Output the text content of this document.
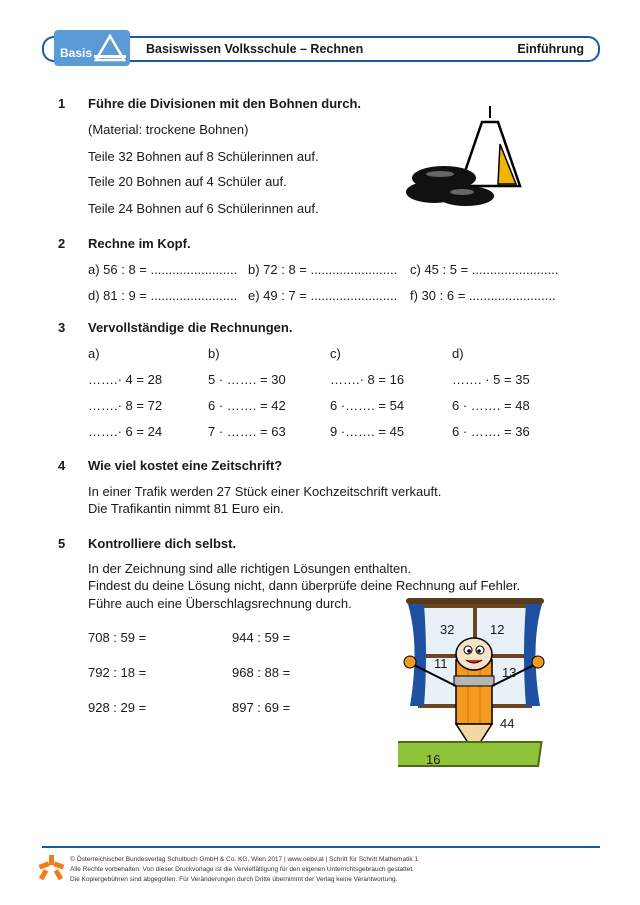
Basis	Basiswissen Volksschule – Rechnen	Einführung
1 Führe die Divisionen mit den Bohnen durch.
(Material: trockene Bohnen)
Teile 32 Bohnen auf 8 Schülerinnen auf.
Teile 20 Bohnen auf 4 Schüler auf.
Teile 24 Bohnen auf 6 Schülerinnen auf.
2 Rechne im Kopf.
a) 56 : 8 = ........................ b) 72 : 8 = ........................ c) 45 : 5 = ........................
d) 81 : 9 = ........................ e) 49 : 7 = ........................ f) 30 : 6 = ........................
3 Vervollständige die Rechnungen.
a)	b)	c)	d)
…….· 4 = 28	5 · ……. = 30	…….· 8 = 16	……. · 5 = 35
…….· 8 = 72	6 · ……. = 42	6 ·……. = 54	6 · ……. = 48
…….· 6 = 24	7 · ……. = 63	9 ·……. = 45	6 · ……. = 36
4 Wie viel kostet eine Zeitschrift?
In einer Trafik werden 27 Stück einer Kochzeitschrift verkauft.
Die Trafikantin nimmt 81 Euro ein.
5 Kontrolliere dich selbst.
In der Zeichnung sind alle richtigen Lösungen enthalten.
Findest du deine Lösung nicht, dann überprüfe deine Rechnung auf Fehler.
Führe auch eine Überschlagsrechnung durch.
708 : 59 =	944 : 59 =
792 : 18 =	968 : 88 =
928 : 29 =	897 : 69 =
32	12
11
13
44
16
© Österreichischer Bundesverlag Schulbuch GmbH & Co. KG, Wien 2017 | www.oebv.at | Schritt für Schritt Mathematik 1
Alle Rechte vorbehalten. Von dieser Druckvorlage ist die Vervielfältigung für den eigenen Unterrichtsgebrauch gestattet.
Die Kopiergebühren sind abgegolten. Für Veränderungen durch Dritte übernimmt der Verlag keine Verantwortung.
